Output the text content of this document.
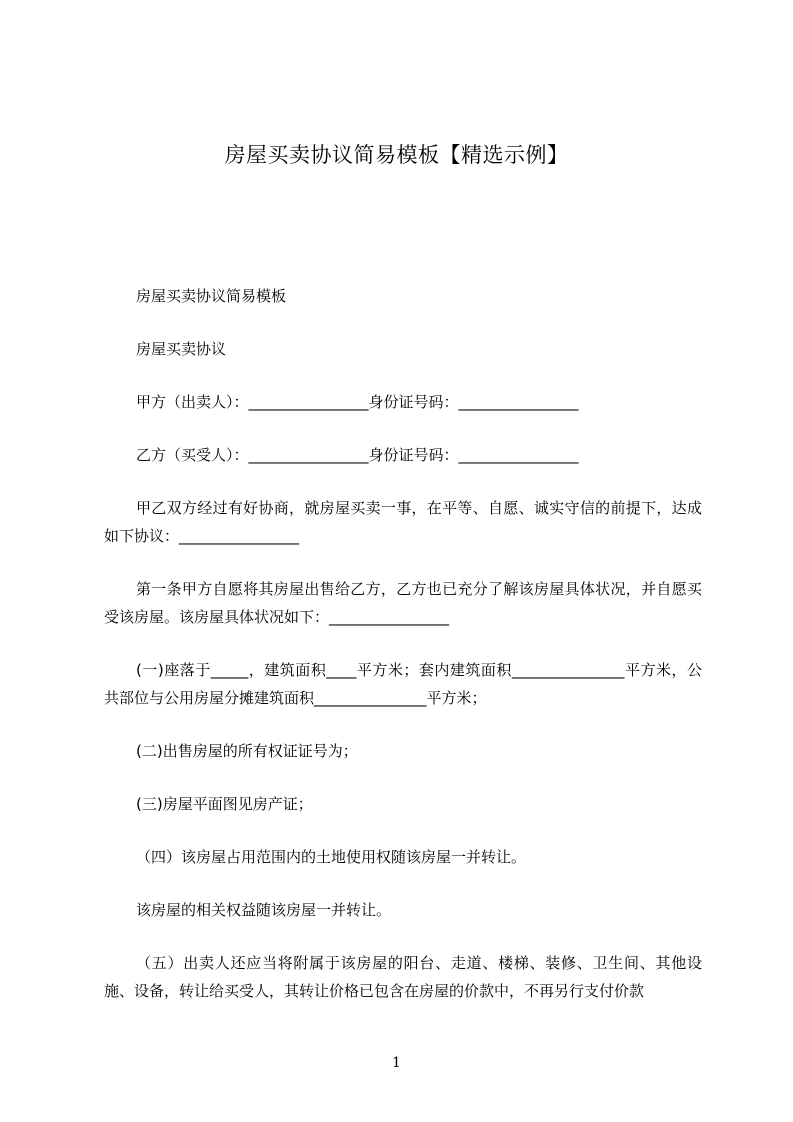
房屋买卖协议简易模板【精选示例】

房屋买卖协议简易模板

房屋买卖协议

甲方（出卖人）：________________身份证号码：________________

乙方（买受人）：________________身份证号码：________________

甲乙双方经过有好协商，就房屋买卖一事，在平等、自愿、诚实守信的前提下，达成如下协议：________________

第一条甲方自愿将其房屋出售给乙方，乙方也已充分了解该房屋具体状况，并自愿买受该房屋。该房屋具体状况如下：________________

(一)座落于_____，建筑面积____平方米；套内建筑面积_______________平方米，公共部位与公用房屋分摊建筑面积_______________平方米；

(二)出售房屋的所有权证证号为；

(三)房屋平面图见房产证；

（四）该房屋占用范围内的土地使用权随该房屋一并转让。

该房屋的相关权益随该房屋一并转让。

（五）出卖人还应当将附属于该房屋的阳台、走道、楼梯、装修、卫生间、其他设施、设备，转让给买受人，其转让价格已包含在房屋的价款中，不再另行支付价款

1
